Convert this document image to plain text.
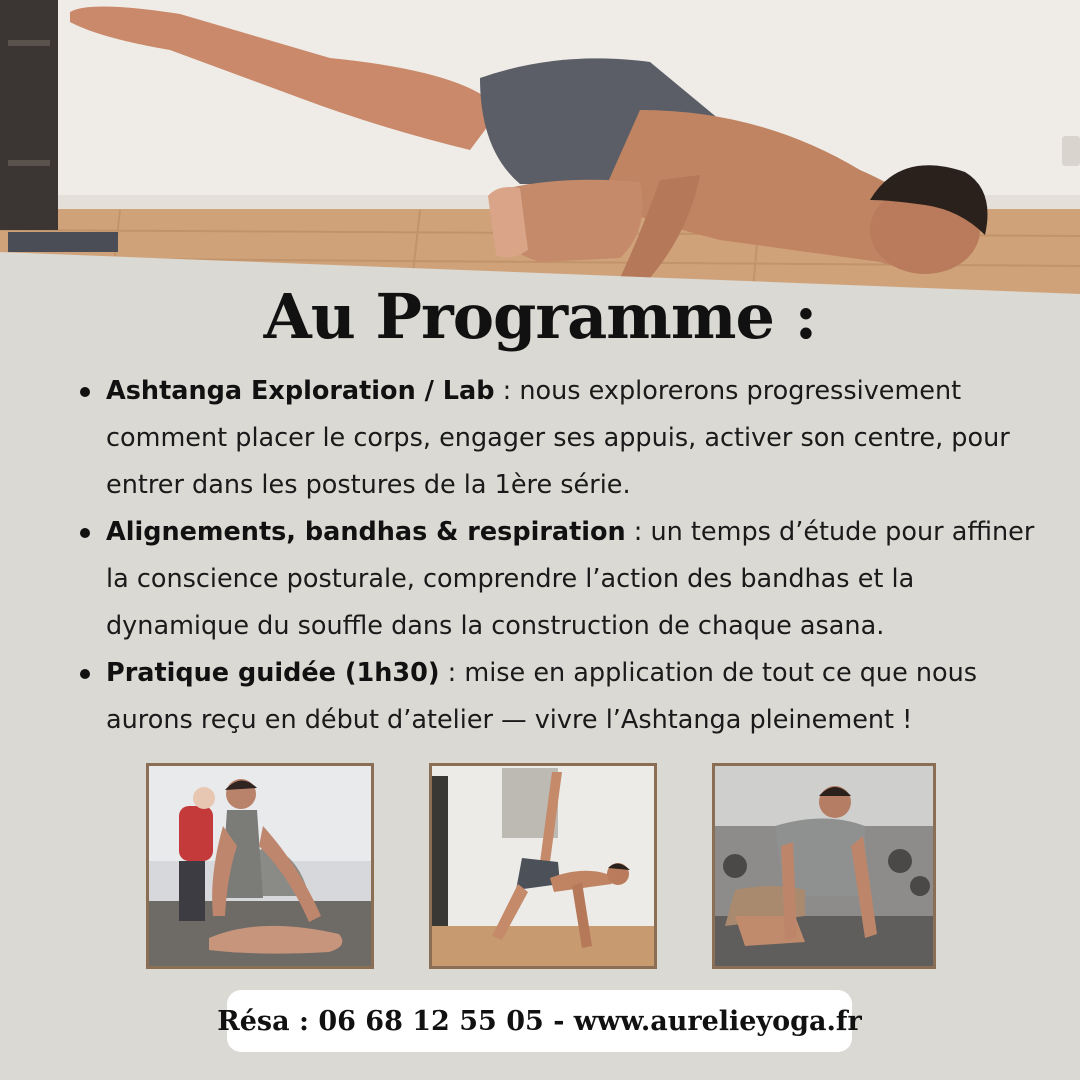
Au Programme :
Ashtanga Exploration / Lab : nous explorerons progressivement comment placer le corps, engager ses appuis, activer son centre, pour entrer dans les postures de la 1ère série.
Alignements, bandhas & respiration : un temps d’étude pour affiner la conscience posturale, comprendre l’action des bandhas et la dynamique du souffle dans la construction de chaque asana.
Pratique guidée (1h30) : mise en application de tout ce que nous aurons reçu en début d’atelier — vivre l’Ashtanga pleinement !
Résa : 06 68 12 55 05 - www.aurelieyoga.fr
